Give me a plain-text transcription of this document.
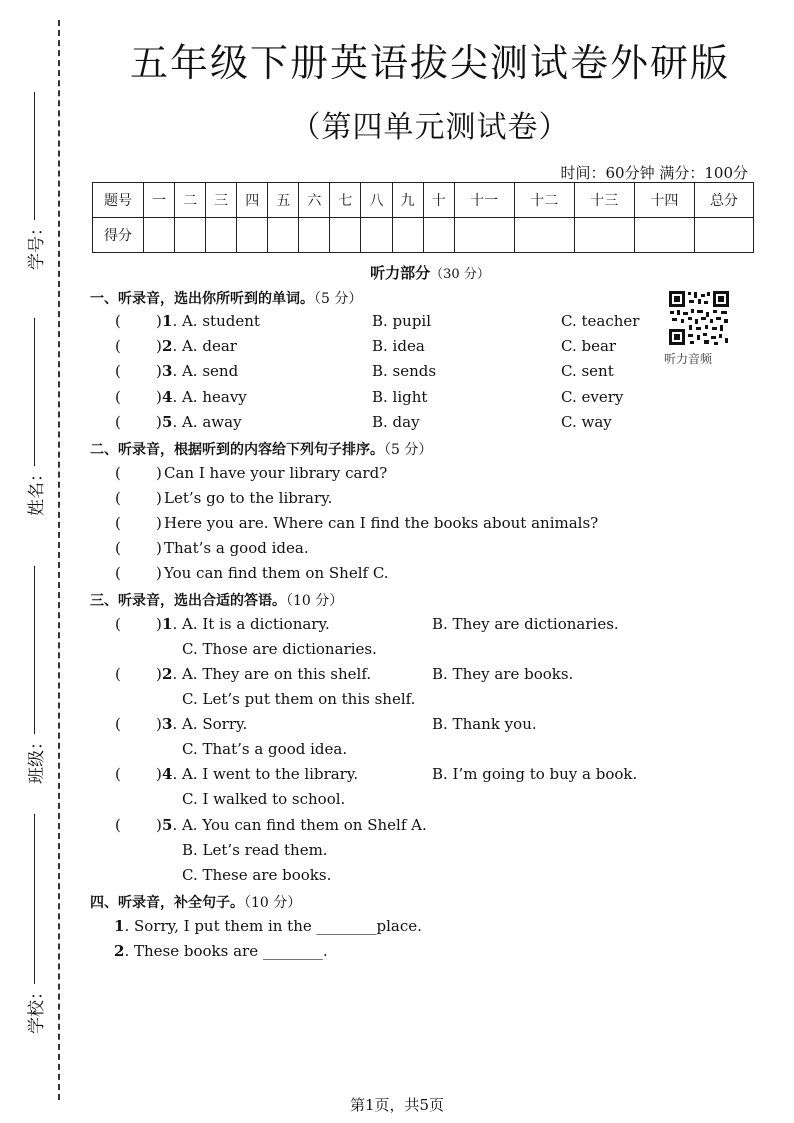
学号：
姓名：
班级：
学校：
五年级下册英语拔尖测试卷外研版
（第四单元测试卷）
时间：60分钟 满分：100分
题号	一	二	三	四	五	六	七	八	九	十	十一	十二	十三	十四	总分
得分															
听力部分（30 分）
听力音频
一、听录音，选出你所听到的单词。（5 分）
( ) 1. A. student	B. pupil	C. teacher
( ) 2. A. dear	B. idea	C. bear
( ) 3. A. send	B. sends	C. sent
( ) 4. A. heavy	B. light	C. every
( ) 5. A. away	B. day	C. way
二、听录音，根据听到的内容给下列句子排序。（5 分）
( ) Can I have your library card?
( ) Let’s go to the library.
( ) Here you are. Where can I find the books about animals?
( ) That’s a good idea.
( ) You can find them on Shelf C.
三、听录音，选出合适的答语。（10 分）
( ) 1. A. It is a dictionary.	B. They are dictionaries.
C. Those are dictionaries.
( ) 2. A. They are on this shelf.	B. They are books.
C. Let’s put them on this shelf.
( ) 3. A. Sorry.	B. Thank you.
C. That’s a good idea.
( ) 4. A. I went to the library.	B. I’m going to buy a book.
C. I walked to school.
( ) 5. A. You can find them on Shelf A.
B. Let’s read them.
C. These are books.
四、听录音，补全句子。（10 分）
1. Sorry, I put them in the ________place.
2. These books are ________.
第1页，共5页
